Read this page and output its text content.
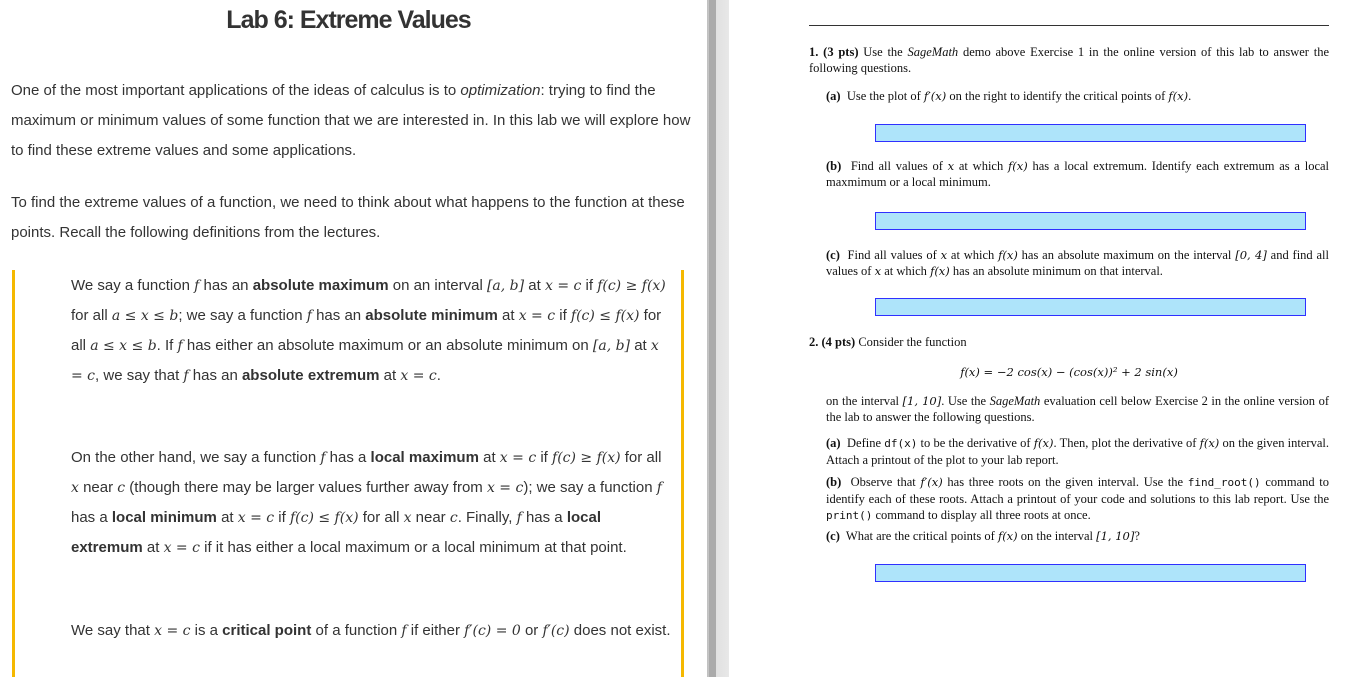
Lab 6: Extreme Values

One of the most important applications of the ideas of calculus is to optimization: trying to find the maximum or minimum values of some function that we are interested in. In this lab we will explore how to find these extreme values and some applications.

To find the extreme values of a function, we need to think about what happens to the function at these points. Recall the following definitions from the lectures.

We say a function f has an absolute maximum on an interval [a, b] at x = c if f(c) ≥ f(x) for all a ≤ x ≤ b; we say a function f has an absolute minimum at x = c if f(c) ≤ f(x) for all a ≤ x ≤ b. If f has either an absolute maximum or an absolute minimum on [a, b] at x = c, we say that f has an absolute extremum at x = c.

On the other hand, we say a function f has a local maximum at x = c if f(c) ≥ f(x) for all x near c (though there may be larger values further away from x = c); we say a function f has a local minimum at x = c if f(c) ≤ f(x) for all x near c. Finally, f has a local extremum at x = c if it has either a local maximum or a local minimum at that point.

We say that x = c is a critical point of a function f if either f′(c) = 0 or f′(c) does not exist.

1. (3 pts) Use the SageMath demo above Exercise 1 in the online version of this lab to answer the following questions.

(a) Use the plot of f′(x) on the right to identify the critical points of f(x).

(b) Find all values of x at which f(x) has a local extremum. Identify each extremum as a local maxmimum or a local minimum.

(c) Find all values of x at which f(x) has an absolute maximum on the interval [0, 4] and find all values of x at which f(x) has an absolute minimum on that interval.

2. (4 pts) Consider the function

f(x) = −2 cos(x) − (cos(x))² + 2 sin(x)

on the interval [1, 10]. Use the SageMath evaluation cell below Exercise 2 in the online version of the lab to answer the following questions.

(a) Define df(x) to be the derivative of f(x). Then, plot the derivative of f(x) on the given interval. Attach a printout of the plot to your lab report.

(b) Observe that f′(x) has three roots on the given interval. Use the find_root() command to identify each of these roots. Attach a printout of your code and solutions to this lab report. Use the print() command to display all three roots at once.

(c) What are the critical points of f(x) on the interval [1, 10]?
